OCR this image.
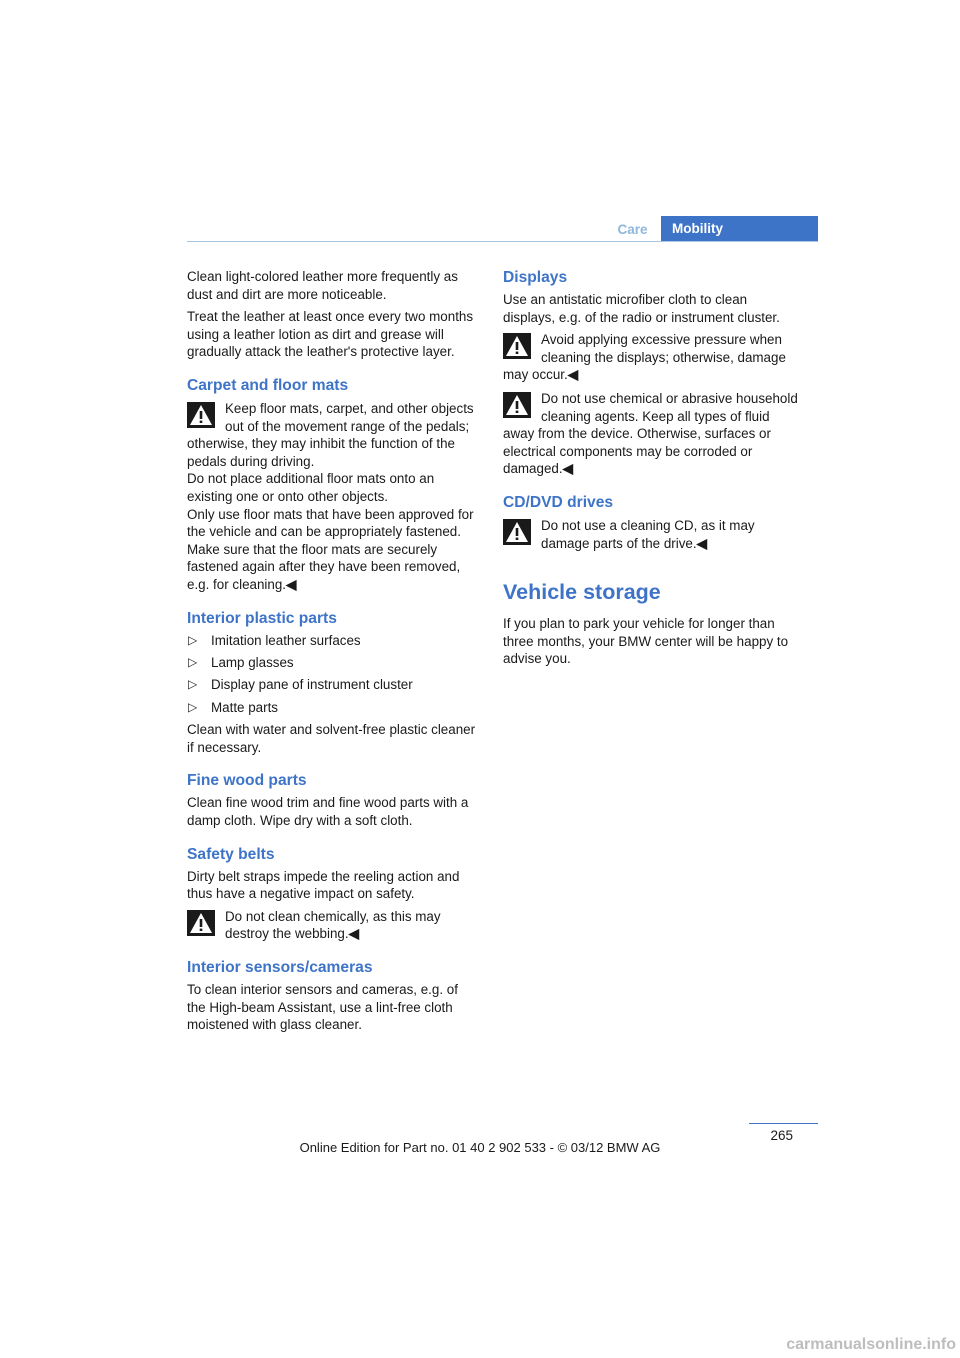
Care	Mobility

Clean light-colored leather more frequently as dust and dirt are more noticeable.

Treat the leather at least once every two months using a leather lotion as dirt and grease will gradually attack the leather's protective layer.

Carpet and floor mats
Keep floor mats, carpet, and other objects out of the movement range of the pedals; otherwise, they may inhibit the function of the pedals during driving.
Do not place additional floor mats onto an existing one or onto other objects.
Only use floor mats that have been approved for the vehicle and can be appropriately fastened.
Make sure that the floor mats are securely fastened again after they have been removed, e.g. for cleaning.◀
Interior plastic parts
▷ Imitation leather surfaces
▷ Lamp glasses
▷ Display pane of instrument cluster
▷ Matte parts

Clean with water and solvent-free plastic cleaner if necessary.

Fine wood parts

Clean fine wood trim and fine wood parts with a damp cloth. Wipe dry with a soft cloth.

Safety belts

Dirty belt straps impede the reeling action and thus have a negative impact on safety.

Do not clean chemically, as this may destroy the webbing.◀
Interior sensors/cameras

To clean interior sensors and cameras, e.g. of the High-beam Assistant, use a lint-free cloth moistened with glass cleaner.

Displays

Use an antistatic microfiber cloth to clean displays, e.g. of the radio or instrument cluster.

Avoid applying excessive pressure when cleaning the displays; otherwise, damage may occur.◀
Do not use chemical or abrasive household cleaning agents. Keep all types of fluid away from the device. Otherwise, surfaces or electrical components may be corroded or damaged.◀
CD/DVD drives
Do not use a cleaning CD, as it may damage parts of the drive.◀
Vehicle storage

If you plan to park your vehicle for longer than three months, your BMW center will be happy to advise you.

265
Online Edition for Part no. 01 40 2 902 533 - © 03/12 BMW AG
carmanualsonline.info
